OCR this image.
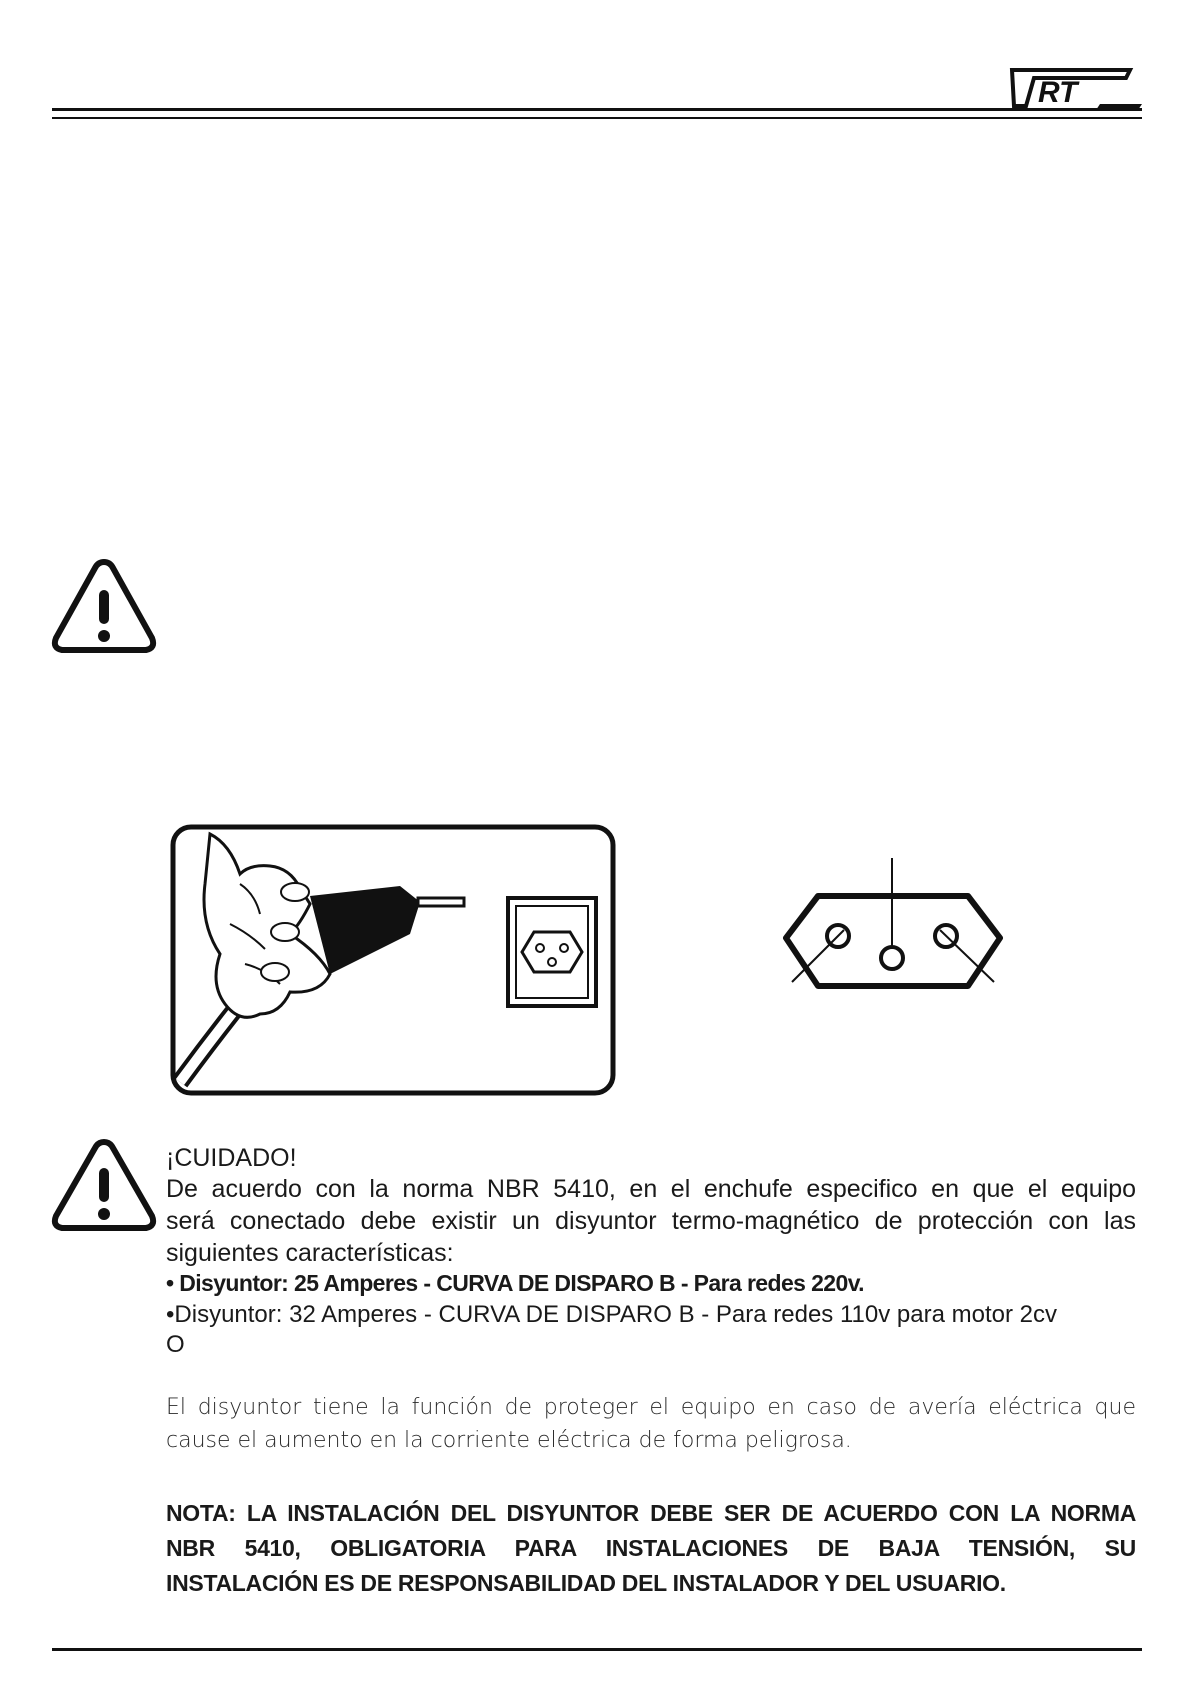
RT
¡CUIDADO!
De acuerdo con la norma NBR 5410, en el enchufe especifico en que el equipo
será conectado debe existir un disyuntor termo-magnético de protección con las
siguientes características:
• Disyuntor: 25 Amperes - CURVA DE DISPARO B - Para redes 220v.
•Disyuntor: 32 Amperes - CURVA DE DISPARO B - Para redes 110v para motor 2cv
O
El disyuntor tiene la función de proteger el equipo en caso de avería eléctrica que
cause el aumento en la corriente eléctrica de forma peligrosa.
NOTA: LA INSTALACIÓN DEL DISYUNTOR DEBE SER DE ACUERDO CON LA NORMA
NBR 5410, OBLIGATORIA PARA INSTALACIONES DE BAJA TENSIÓN, SU
INSTALACIÓN ES DE RESPONSABILIDAD DEL INSTALADOR Y DEL USUARIO.
